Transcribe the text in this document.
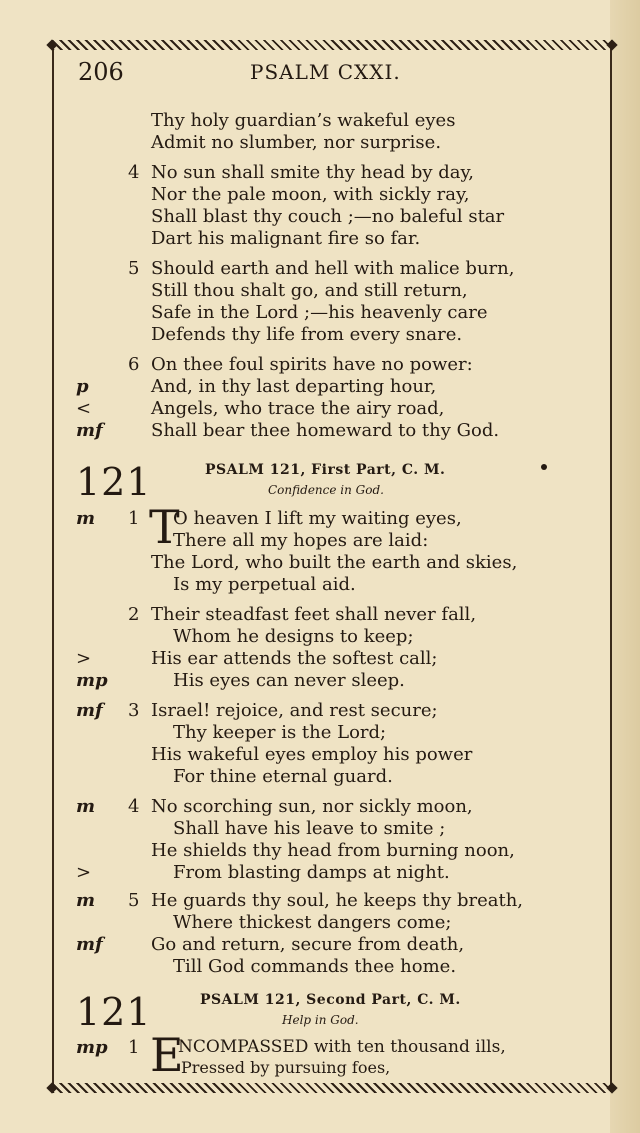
206	PSALM CXXI.
Thy holy guardian’s wakeful eyes
Admit no slumber, nor surprise.
4 No sun shall smite thy head by day,
Nor the pale moon, with sickly ray,
Shall blast thy couch ;—no baleful star
Dart his malignant fire so far.
5 Should earth and hell with malice burn,
Still thou shalt go, and still return,
Safe in the Lord ;—his heavenly care
Defends thy life from every snare.
6 On thee foul spirits have no power:
p	And, in thy last departing hour,
<	Angels, who trace the airy road,
mf	Shall bear thee homeward to thy God.
121	PSALM 121, First Part, C. M.
Confidence in God.
m 1 T
O heaven I lift my waiting eyes,
There all my hopes are laid:
The Lord, who built the earth and skies,
Is my perpetual aid.
2 Their steadfast feet shall never fall,
Whom he designs to keep;
>	His ear attends the softest call;
mp	His eyes can never sleep.
mf 3 Israel! rejoice, and rest secure;
Thy keeper is the Lord;
His wakeful eyes employ his power
For thine eternal guard.
m 4 No scorching sun, nor sickly moon,
Shall have his leave to smite ;
He shields thy head from burning noon,
>	From blasting damps at night.
m 5 He guards thy soul, he keeps thy breath,
Where thickest dangers come;
mf	Go and return, secure from death,
Till God commands thee home.
121	PSALM 121, Second Part, C. M.
Help in God.
mp 1 E
NCOMPASSED with ten thousand ills,
Pressed by pursuing foes,
